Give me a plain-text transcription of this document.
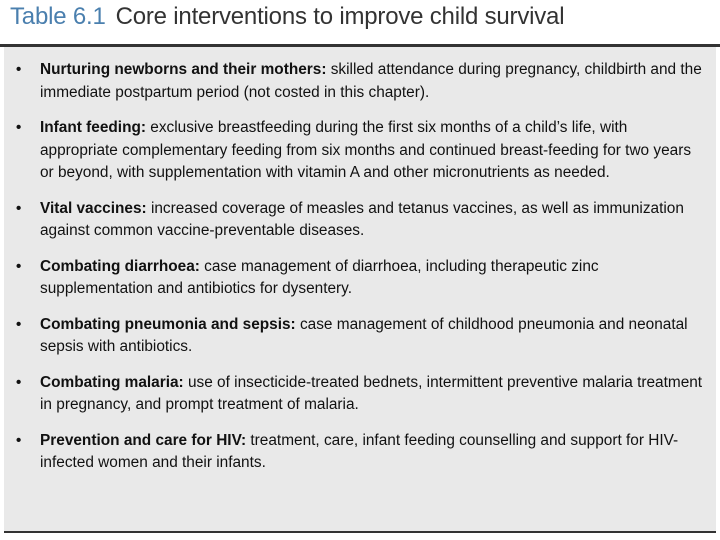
Table 6.1 Core interventions to improve child survival
• Nurturing newborns and their mothers: skilled attendance during pregnancy, childbirth and the immediate postpartum period (not costed in this chapter).
• Infant feeding: exclusive breastfeeding during the first six months of a child’s life, with appropriate complementary feeding from six months and continued breast-feeding for two years or beyond, with supplementation with vitamin A and other micronutrients as needed.
• Vital vaccines: increased coverage of measles and tetanus vaccines, as well as immunization against common vaccine-preventable diseases.
• Combating diarrhoea: case management of diarrhoea, including therapeutic zinc supplementation and antibiotics for dysentery.
• Combating pneumonia and sepsis: case management of childhood pneumonia and neonatal sepsis with antibiotics.
• Combating malaria: use of insecticide-treated bednets, intermittent preventive malaria treatment in pregnancy, and prompt treatment of malaria.
• Prevention and care for HIV: treatment, care, infant feeding counselling and support for HIV-infected women and their infants.
